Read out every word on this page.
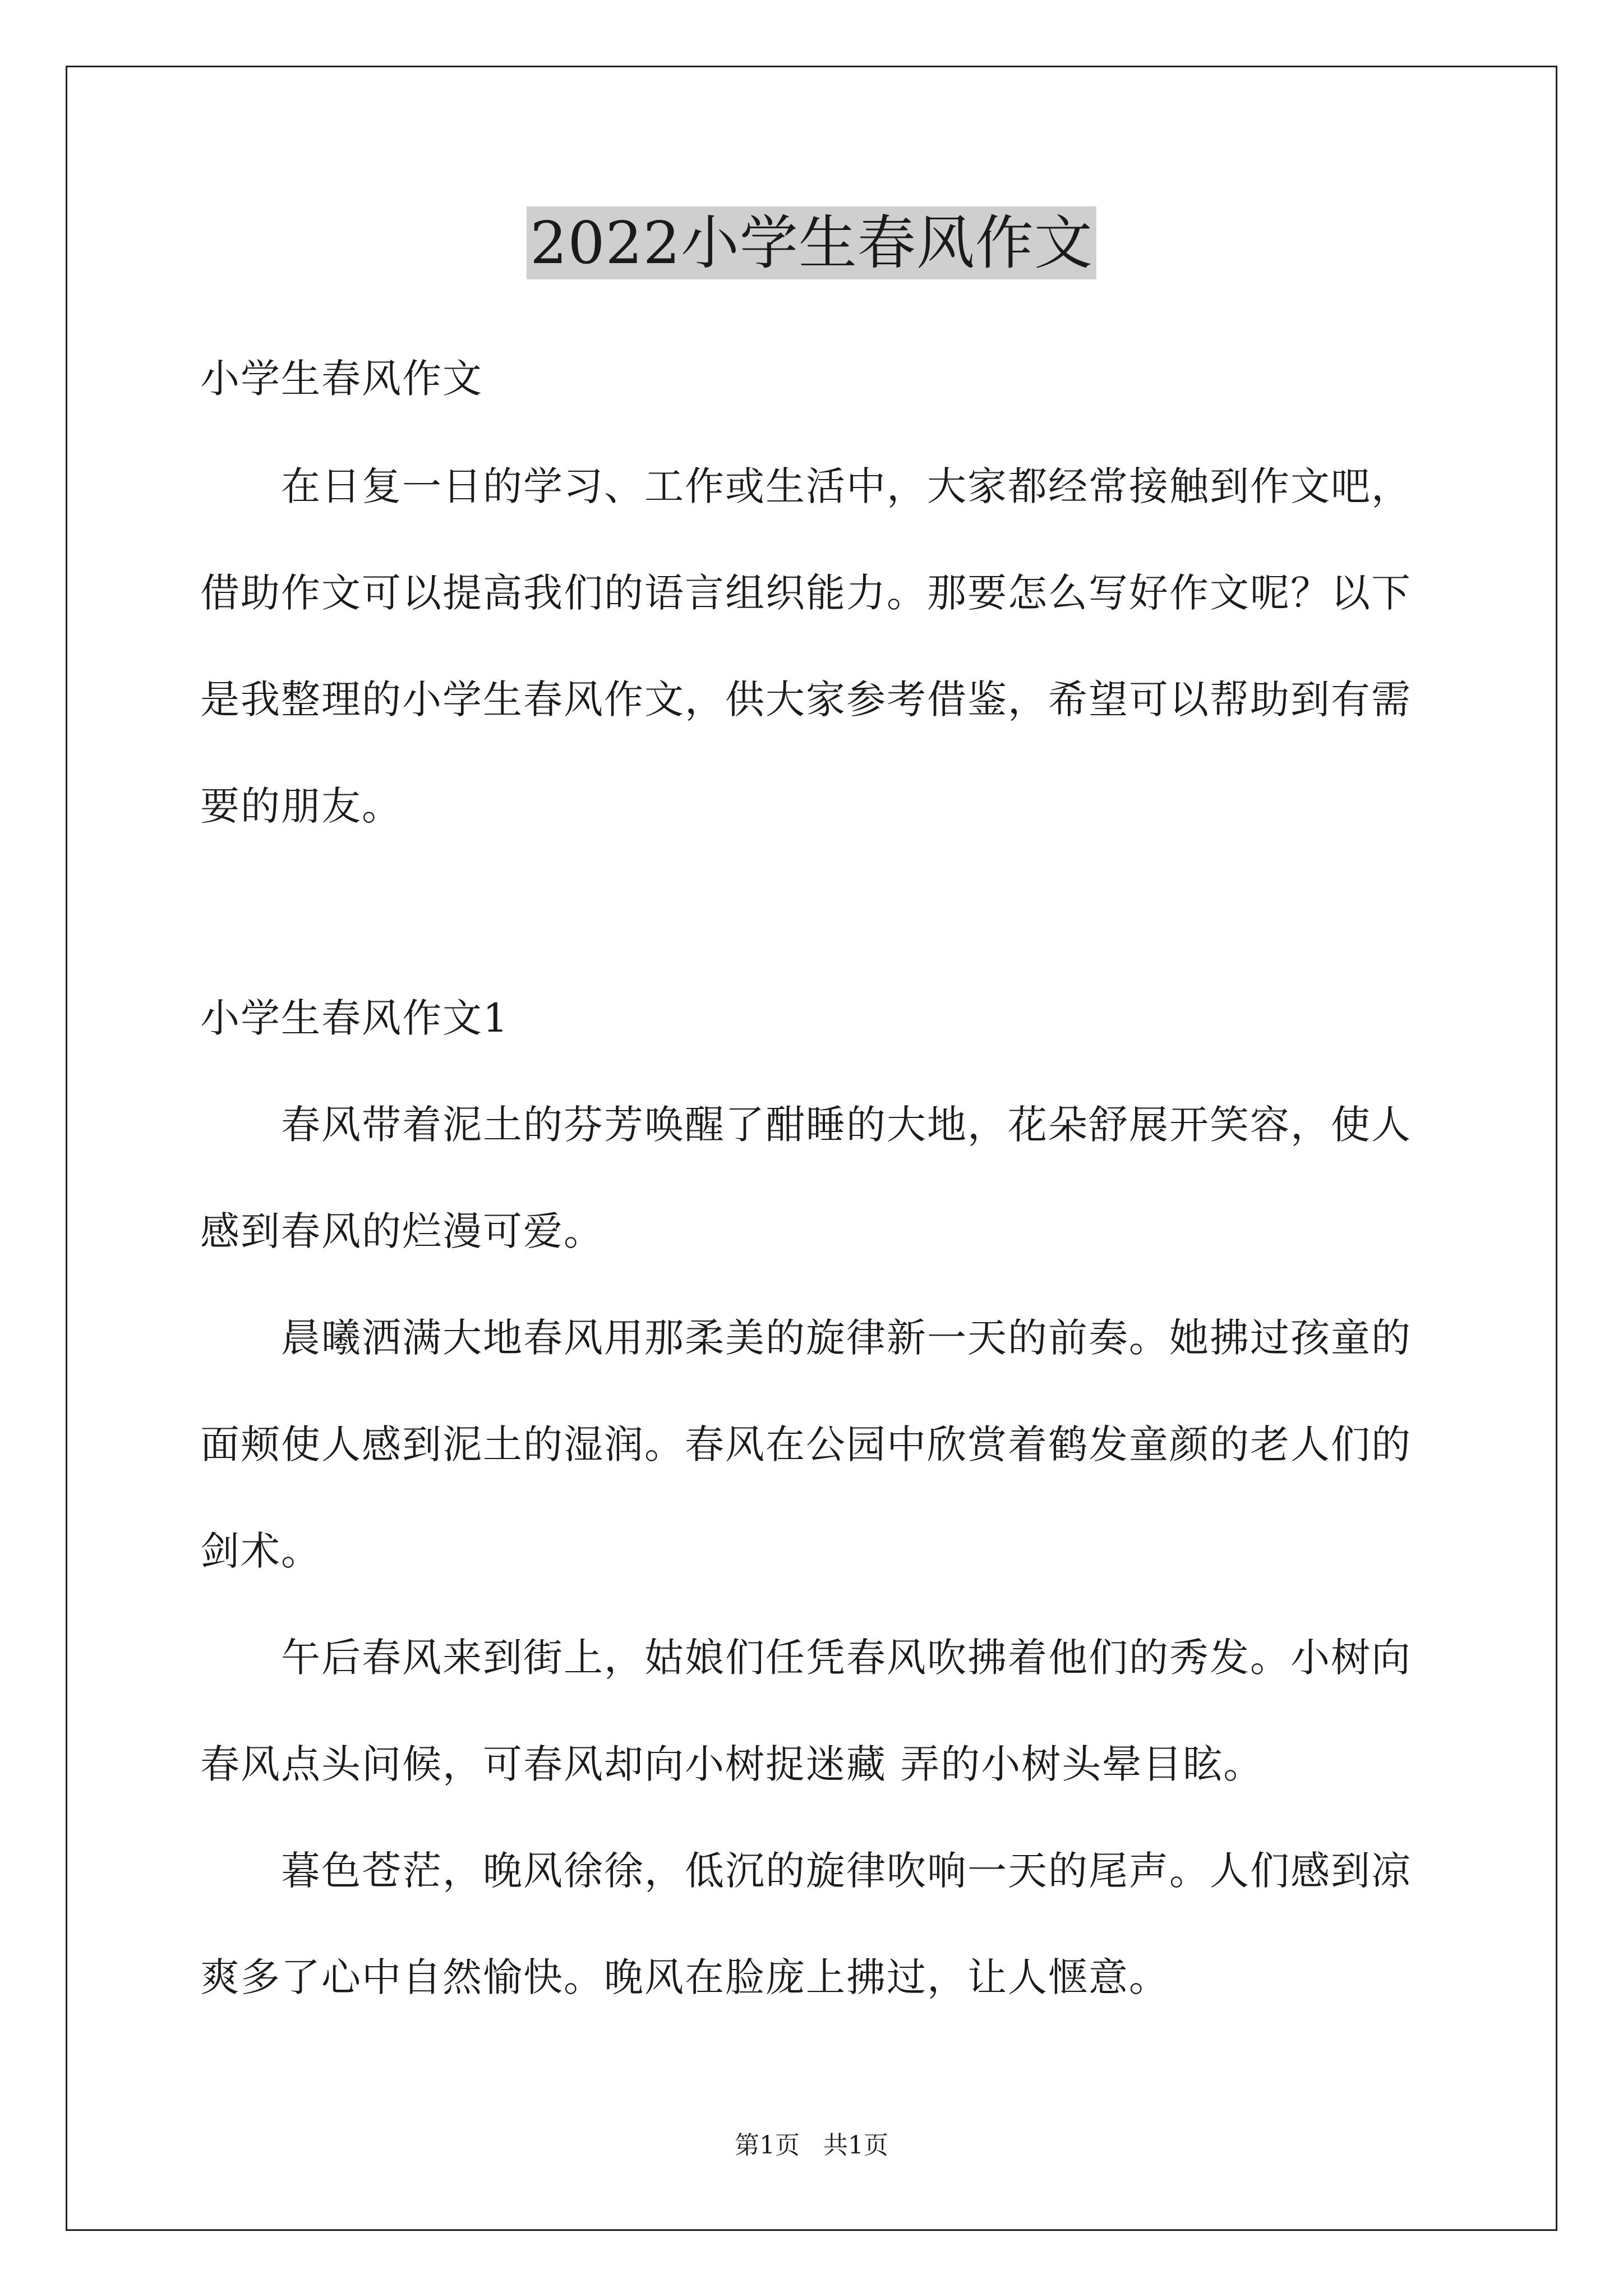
2022小学生春风作文
小学生春风作文
　　在日复一日的学习、工作或生活中，大家都经常接触到作文吧，
借助作文可以提高我们的语言组织能力。那要怎么写好作文呢？以下
是我整理的小学生春风作文，供大家参考借鉴，希望可以帮助到有需
要的朋友。
小学生春风作文1
　　春风带着泥土的芬芳唤醒了酣睡的大地，花朵舒展开笑容，使人
感到春风的烂漫可爱。
　　晨曦洒满大地春风用那柔美的旋律新一天的前奏。她拂过孩童的
面颊使人感到泥土的湿润。春风在公园中欣赏着鹤发童颜的老人们的
剑术。
　　午后春风来到街上，姑娘们任凭春风吹拂着他们的秀发。小树向
春风点头问候，可春风却向小树捉迷藏 弄的小树头晕目眩。
　　暮色苍茫，晚风徐徐，低沉的旋律吹响一天的尾声。人们感到凉
爽多了心中自然愉快。晚风在脸庞上拂过，让人惬意。
第1页   共1页
